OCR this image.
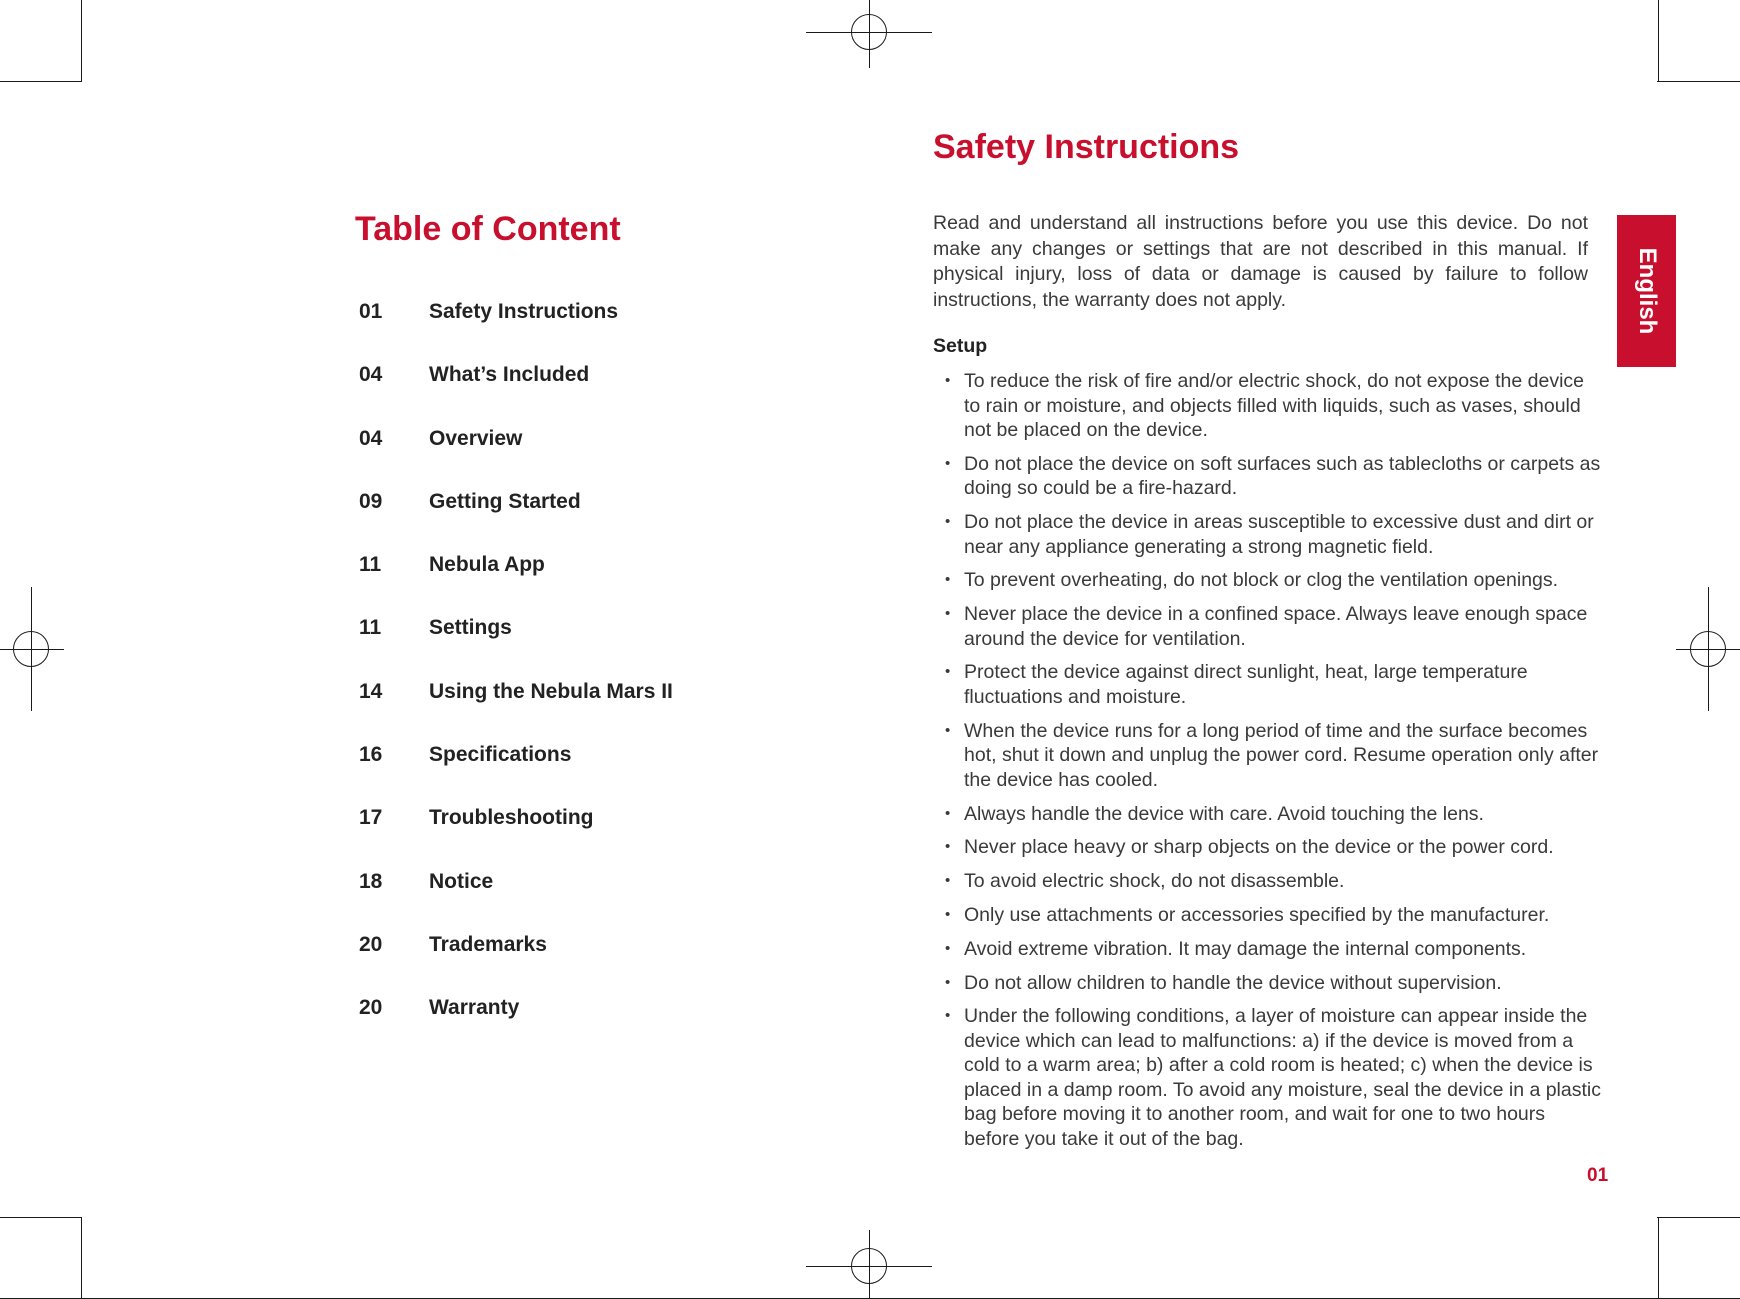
Table of Content
01	Safety Instructions
04	What’s Included
04	Overview
09	Getting Started
11	Nebula App
11	Settings
14	Using the Nebula Mars II
16	Specifications
17	Troubleshooting
18	Notice
20	Trademarks
20	Warranty
Safety Instructions

Read and understand all instructions before you use this device. Do not make any changes or settings that are not described in this manual. If physical injury, loss of data or damage is caused by failure to follow instructions, the warranty does not apply.

Setup
• To reduce the risk of fire and/or electric shock, do not expose the device to rain or moisture, and objects filled with liquids, such as vases, should not be placed on the device.
• Do not place the device on soft surfaces such as tablecloths or carpets as doing so could be a fire-hazard.
• Do not place the device in areas susceptible to excessive dust and dirt or near any appliance generating a strong magnetic field.
• To prevent overheating, do not block or clog the ventilation openings.
• Never place the device in a confined space. Always leave enough space around the device for ventilation.
• Protect the device against direct sunlight, heat, large temperature fluctuations and moisture.
• When the device runs for a long period of time and the surface becomes hot, shut it down and unplug the power cord. Resume operation only after the device has cooled.
• Always handle the device with care. Avoid touching the lens.
• Never place heavy or sharp objects on the device or the power cord.
• To avoid electric shock, do not disassemble.
• Only use attachments or accessories specified by the manufacturer.
• Avoid extreme vibration. It may damage the internal components.
• Do not allow children to handle the device without supervision.
• Under the following conditions, a layer of moisture can appear inside the device which can lead to malfunctions: a) if the device is moved from a cold to a warm area; b) after a cold room is heated; c) when the device is placed in a damp room. To avoid any moisture, seal the device in a plastic bag before moving it to another room, and wait for one to two hours before you take it out of the bag.
English
01
